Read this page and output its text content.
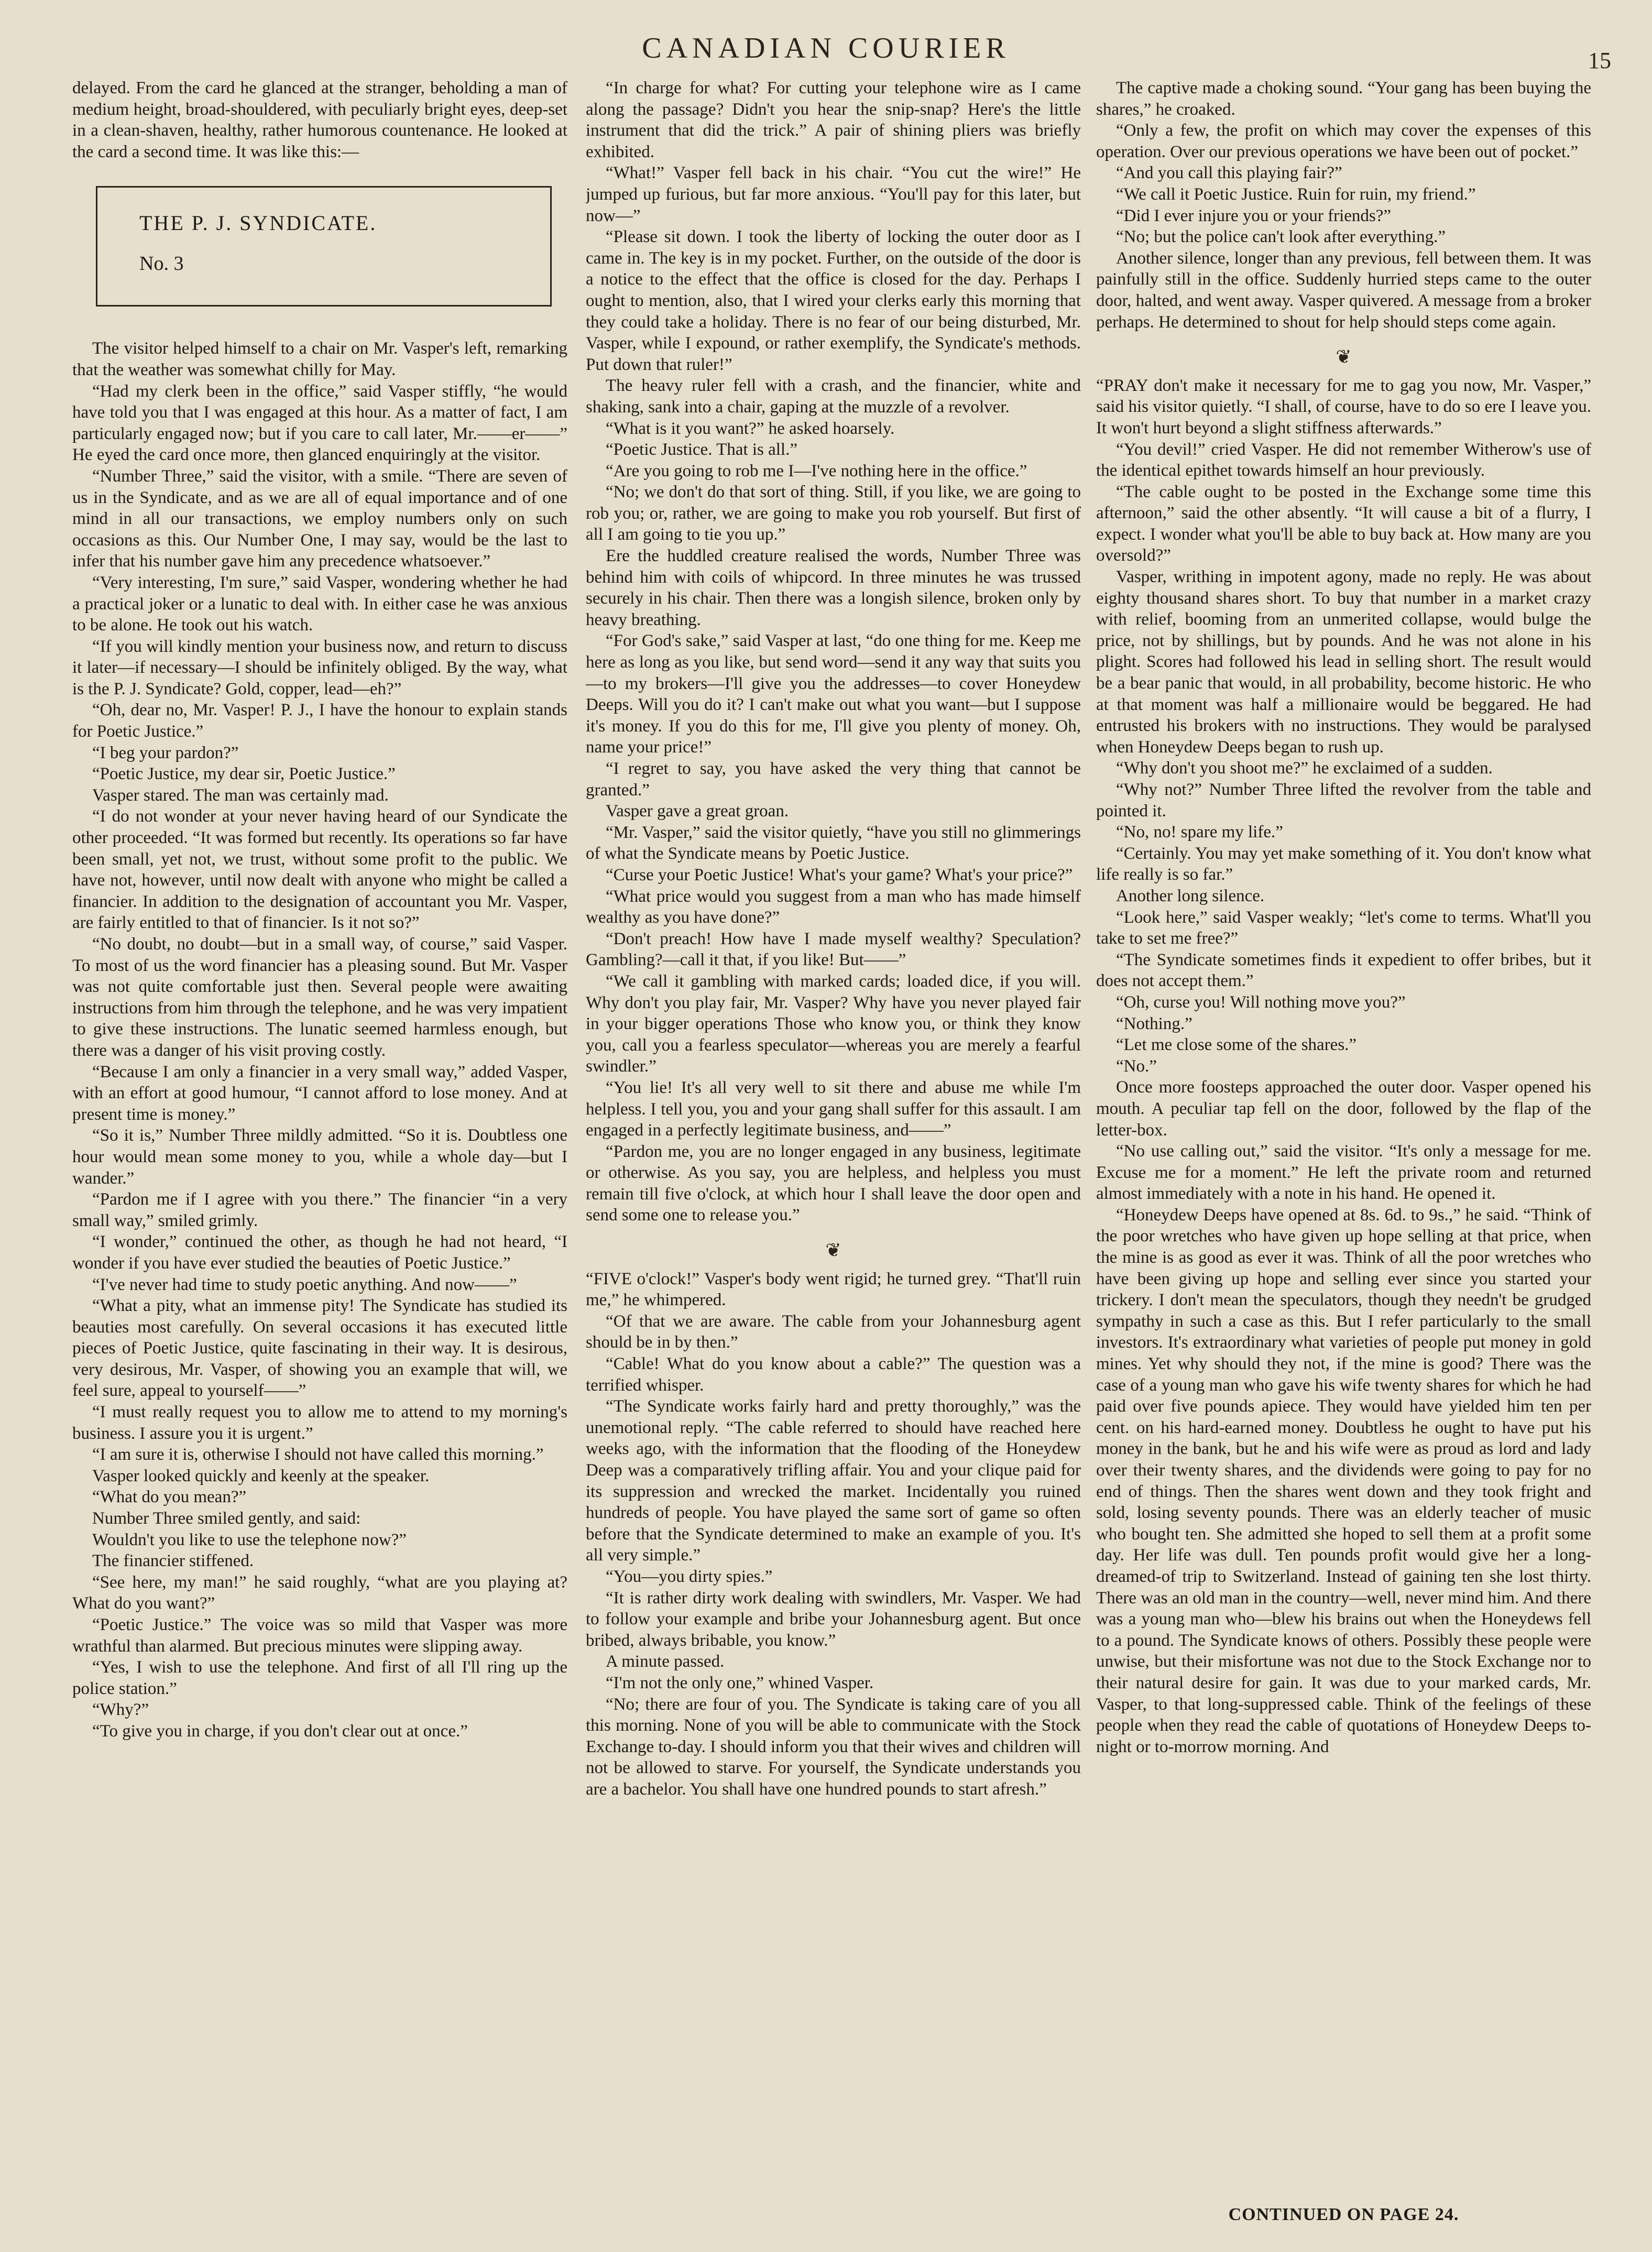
CANADIAN COURIER	15

delayed. From the card he glanced at the stranger, beholding a man of medium height, broad-shouldered, with peculiarly bright eyes, deep-set in a clean-shaven, healthy, rather humorous countenance. He looked at the card a second time. It was like this:—

THE P. J. SYNDICATE.
No. 3

The visitor helped himself to a chair on Mr. Vasper's left, remarking that the weather was somewhat chilly for May.

“Had my clerk been in the office,” said Vasper stiffly, “he would have told you that I was engaged at this hour. As a matter of fact, I am particularly engaged now; but if you care to call later, Mr.——er——” He eyed the card once more, then glanced enquiringly at the visitor.

“Number Three,” said the visitor, with a smile. “There are seven of us in the Syndicate, and as we are all of equal importance and of one mind in all our transactions, we employ numbers only on such occasions as this. Our Number One, I may say, would be the last to infer that his number gave him any precedence whatsoever.”

“Very interesting, I'm sure,” said Vasper, wondering whether he had a practical joker or a lunatic to deal with. In either case he was anxious to be alone. He took out his watch.

“If you will kindly mention your business now, and return to discuss it later—if necessary—I should be infinitely obliged. By the way, what is the P. J. Syndicate? Gold, copper, lead—eh?”

“Oh, dear no, Mr. Vasper! P. J., I have the honour to explain stands for Poetic Justice.”

“I beg your pardon?”

“Poetic Justice, my dear sir, Poetic Justice.”

Vasper stared. The man was certainly mad.

“I do not wonder at your never having heard of our Syndicate the other proceeded. “It was formed but recently. Its operations so far have been small, yet not, we trust, without some profit to the public. We have not, however, until now dealt with anyone who might be called a financier. In addition to the designation of accountant you Mr. Vasper, are fairly entitled to that of financier. Is it not so?”

“No doubt, no doubt—but in a small way, of course,” said Vasper. To most of us the word financier has a pleasing sound. But Mr. Vasper was not quite comfortable just then. Several people were awaiting instructions from him through the telephone, and he was very impatient to give these instructions. The lunatic seemed harmless enough, but there was a danger of his visit proving costly.

“Because I am only a financier in a very small way,” added Vasper, with an effort at good humour, “I cannot afford to lose money. And at present time is money.”

“So it is,” Number Three mildly admitted. “So it is. Doubtless one hour would mean some money to you, while a whole day—but I wander.”

“Pardon me if I agree with you there.” The financier “in a very small way,” smiled grimly.

“I wonder,” continued the other, as though he had not heard, “I wonder if you have ever studied the beauties of Poetic Justice.”

“I've never had time to study poetic anything. And now——”

“What a pity, what an immense pity! The Syndicate has studied its beauties most carefully. On several occasions it has executed little pieces of Poetic Justice, quite fascinating in their way. It is desirous, very desirous, Mr. Vasper, of showing you an example that will, we feel sure, appeal to yourself——”

“I must really request you to allow me to attend to my morning's business. I assure you it is urgent.”

“I am sure it is, otherwise I should not have called this morning.”

Vasper looked quickly and keenly at the speaker.

“What do you mean?”

Number Three smiled gently, and said:

Wouldn't you like to use the telephone now?”

The financier stiffened.

“See here, my man!” he said roughly, “what are you playing at? What do you want?”

“Poetic Justice.” The voice was so mild that Vasper was more wrathful than alarmed. But precious minutes were slipping away.

“Yes, I wish to use the telephone. And first of all I'll ring up the police station.”

“Why?”

“To give you in charge, if you don't clear out at once.”

“In charge for what? For cutting your telephone wire as I came along the passage? Didn't you hear the snip-snap? Here's the little instrument that did the trick.” A pair of shining pliers was briefly exhibited.

“What!” Vasper fell back in his chair. “You cut the wire!” He jumped up furious, but far more anxious. “You'll pay for this later, but now—”

“Please sit down. I took the liberty of locking the outer door as I came in. The key is in my pocket. Further, on the outside of the door is a notice to the effect that the office is closed for the day. Perhaps I ought to mention, also, that I wired your clerks early this morning that they could take a holiday. There is no fear of our being disturbed, Mr. Vasper, while I expound, or rather exemplify, the Syndicate's methods. Put down that ruler!”

The heavy ruler fell with a crash, and the financier, white and shaking, sank into a chair, gaping at the muzzle of a revolver.

“What is it you want?” he asked hoarsely.

“Poetic Justice. That is all.”

“Are you going to rob me I—I've nothing here in the office.”

“No; we don't do that sort of thing. Still, if you like, we are going to rob you; or, rather, we are going to make you rob yourself. But first of all I am going to tie you up.”

Ere the huddled creature realised the words, Number Three was behind him with coils of whipcord. In three minutes he was trussed securely in his chair. Then there was a longish silence, broken only by heavy breathing.

“For God's sake,” said Vasper at last, “do one thing for me. Keep me here as long as you like, but send word—send it any way that suits you—to my brokers—I'll give you the addresses—to cover Honeydew Deeps. Will you do it? I can't make out what you want—but I suppose it's money. If you do this for me, I'll give you plenty of money. Oh, name your price!”

“I regret to say, you have asked the very thing that cannot be granted.”

Vasper gave a great groan.

“Mr. Vasper,” said the visitor quietly, “have you still no glimmerings of what the Syndicate means by Poetic Justice.

“Curse your Poetic Justice! What's your game? What's your price?”

“What price would you suggest from a man who has made himself wealthy as you have done?”

“Don't preach! How have I made myself wealthy? Speculation? Gambling?—call it that, if you like! But——”

“We call it gambling with marked cards; loaded dice, if you will. Why don't you play fair, Mr. Vasper? Why have you never played fair in your bigger operations Those who know you, or think they know you, call you a fearless speculator—whereas you are merely a fearful swindler.”

“You lie! It's all very well to sit there and abuse me while I'm helpless. I tell you, you and your gang shall suffer for this assault. I am engaged in a perfectly legitimate business, and——”

“Pardon me, you are no longer engaged in any business, legitimate or otherwise. As you say, you are helpless, and helpless you must remain till five o'clock, at which hour I shall leave the door open and send some one to release you.”

❦

“FIVE o'clock!” Vasper's body went rigid; he turned grey. “That'll ruin me,” he whimpered.

“Of that we are aware. The cable from your Johannesburg agent should be in by then.”

“Cable! What do you know about a cable?” The question was a terrified whisper.

“The Syndicate works fairly hard and pretty thoroughly,” was the unemotional reply. “The cable referred to should have reached here weeks ago, with the information that the flooding of the Honeydew Deep was a comparatively trifling affair. You and your clique paid for its suppression and wrecked the market. Incidentally you ruined hundreds of people. You have played the same sort of game so often before that the Syndicate determined to make an example of you. It's all very simple.”

“You—you dirty spies.”

“It is rather dirty work dealing with swindlers, Mr. Vasper. We had to follow your example and bribe your Johannesburg agent. But once bribed, always bribable, you know.”

A minute passed.

“I'm not the only one,” whined Vasper.

“No; there are four of you. The Syndicate is taking care of you all this morning. None of you will be able to communicate with the Stock Exchange to-day. I should inform you that their wives and children will not be allowed to starve. For yourself, the Syndicate understands you are a bachelor. You shall have one hundred pounds to start afresh.”

The captive made a choking sound. “Your gang has been buying the shares,” he croaked.

“Only a few, the profit on which may cover the expenses of this operation. Over our previous operations we have been out of pocket.”

“And you call this playing fair?”

“We call it Poetic Justice. Ruin for ruin, my friend.”

“Did I ever injure you or your friends?”

“No; but the police can't look after everything.”

Another silence, longer than any previous, fell between them. It was painfully still in the office. Suddenly hurried steps came to the outer door, halted, and went away. Vasper quivered. A message from a broker perhaps. He determined to shout for help should steps come again.

❦

“PRAY don't make it necessary for me to gag you now, Mr. Vasper,” said his visitor quietly. “I shall, of course, have to do so ere I leave you. It won't hurt beyond a slight stiffness afterwards.”

“You devil!” cried Vasper. He did not remember Witherow's use of the identical epithet towards himself an hour previously.

“The cable ought to be posted in the Exchange some time this afternoon,” said the other absently. “It will cause a bit of a flurry, I expect. I wonder what you'll be able to buy back at. How many are you oversold?”

Vasper, writhing in impotent agony, made no reply. He was about eighty thousand shares short. To buy that number in a market crazy with relief, booming from an unmerited collapse, would bulge the price, not by shillings, but by pounds. And he was not alone in his plight. Scores had followed his lead in selling short. The result would be a bear panic that would, in all probability, become historic. He who at that moment was half a millionaire would be beggared. He had entrusted his brokers with no instructions. They would be paralysed when Honeydew Deeps began to rush up.

“Why don't you shoot me?” he exclaimed of a sudden.

“Why not?” Number Three lifted the revolver from the table and pointed it.

“No, no! spare my life.”

“Certainly. You may yet make something of it. You don't know what life really is so far.”

Another long silence.

“Look here,” said Vasper weakly; “let's come to terms. What'll you take to set me free?”

“The Syndicate sometimes finds it expedient to offer bribes, but it does not accept them.”

“Oh, curse you! Will nothing move you?”

“Nothing.”

“Let me close some of the shares.”

“No.”

Once more foosteps approached the outer door. Vasper opened his mouth. A peculiar tap fell on the door, followed by the flap of the letter-box.

“No use calling out,” said the visitor. “It's only a message for me. Excuse me for a moment.” He left the private room and returned almost immediately with a note in his hand. He opened it.

“Honeydew Deeps have opened at 8s. 6d. to 9s.,” he said. “Think of the poor wretches who have given up hope selling at that price, when the mine is as good as ever it was. Think of all the poor wretches who have been giving up hope and selling ever since you started your trickery. I don't mean the speculators, though they needn't be grudged sympathy in such a case as this. But I refer particularly to the small investors. It's extraordinary what varieties of people put money in gold mines. Yet why should they not, if the mine is good? There was the case of a young man who gave his wife twenty shares for which he had paid over five pounds apiece. They would have yielded him ten per cent. on his hard-earned money. Doubtless he ought to have put his money in the bank, but he and his wife were as proud as lord and lady over their twenty shares, and the dividends were going to pay for no end of things. Then the shares went down and they took fright and sold, losing seventy pounds. There was an elderly teacher of music who bought ten. She admitted she hoped to sell them at a profit some day. Her life was dull. Ten pounds profit would give her a long-dreamed-of trip to Switzerland. Instead of gaining ten she lost thirty. There was an old man in the country—well, never mind him. And there was a young man who—blew his brains out when the Honeydews fell to a pound. The Syndicate knows of others. Possibly these people were unwise, but their misfortune was not due to the Stock Exchange nor to their natural desire for gain. It was due to your marked cards, Mr. Vasper, to that long-suppressed cable. Think of the feelings of these people when they read the cable of quotations of Honeydew Deeps to-night or to-morrow morning. And

CONTINUED ON PAGE 24.
